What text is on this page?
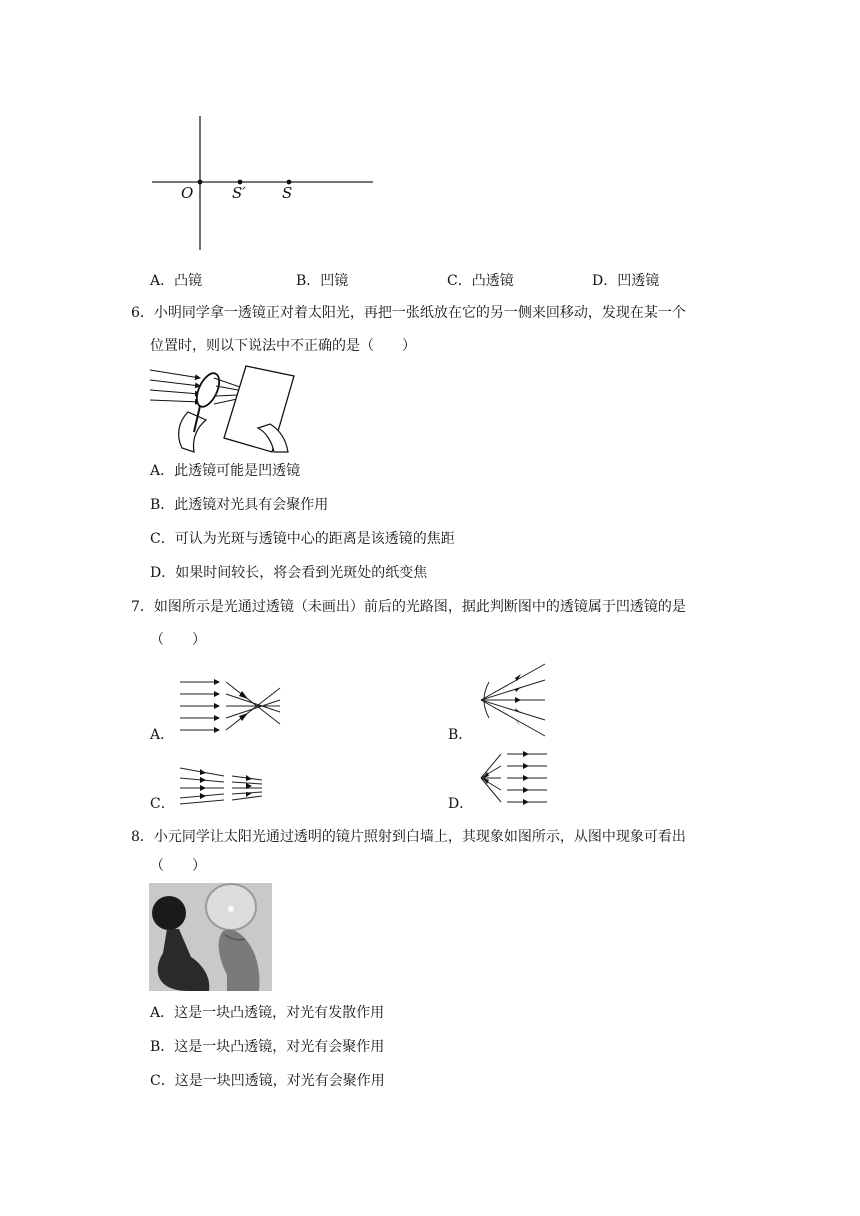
O	S′ S
A．凸镜	B．凹镜	C．凸透镜	D．凹透镜
6．小明同学拿一透镜正对着太阳光，再把一张纸放在它的另一侧来回移动，发现在某一个
位置时，则以下说法中不正确的是（　　）
A．此透镜可能是凹透镜
B．此透镜对光具有会聚作用
C．可认为光斑与透镜中心的距离是该透镜的焦距
D．如果时间较长，将会看到光斑处的纸变焦
7．如图所示是光通过透镜（未画出）前后的光路图，据此判断图中的透镜属于凹透镜的是
（　　）
A．	B．
C．	D．
8．小元同学让太阳光通过透明的镜片照射到白墙上，其现象如图所示，从图中现象可看出
（　　）
A．这是一块凸透镜，对光有发散作用
B．这是一块凸透镜，对光有会聚作用
C．这是一块凹透镜，对光有会聚作用
